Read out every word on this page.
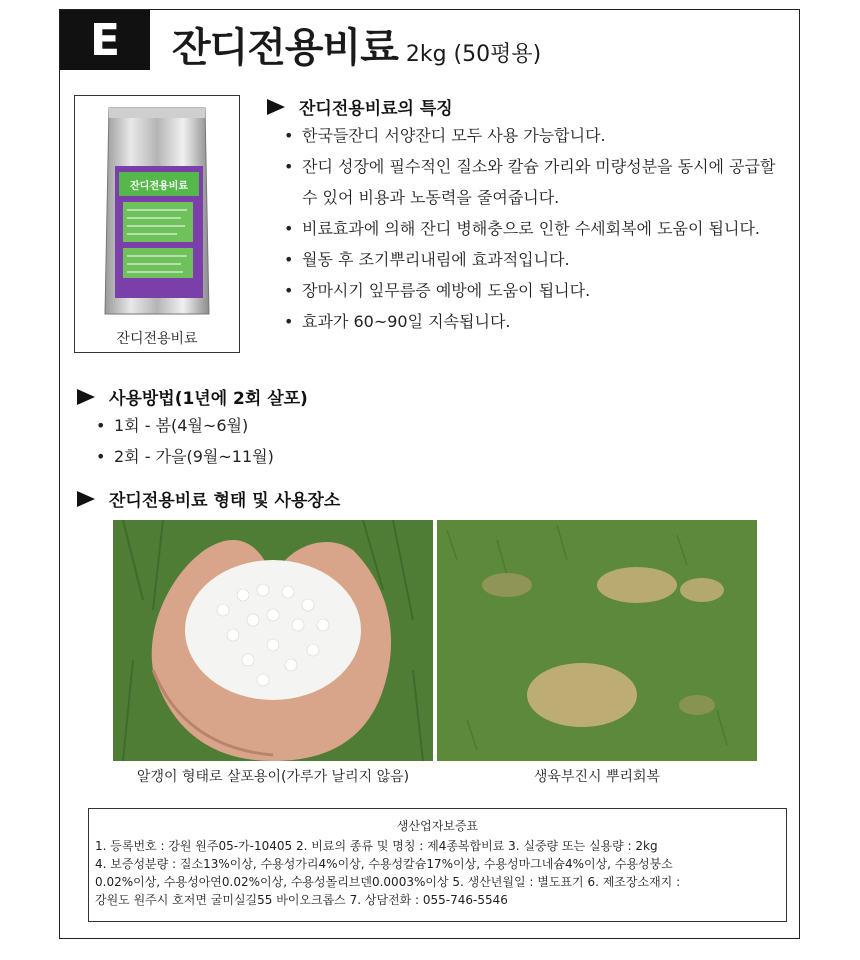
E	잔디전용비료 2kg (50평용)
잔디전용비료
잔디전용비료
잔디전용비료의 특징
• 한국들잔디 서양잔디 모두 사용 가능합니다.
• 잔디 성장에 필수적인 질소와 칼슘 가리와 미량성분을 동시에 공급할 수 있어 비용과 노동력을 줄여줍니다.
• 비료효과에 의해 잔디 병해충으로 인한 수세회복에 도움이 됩니다.
• 월동 후 조기뿌리내림에 효과적입니다.
• 장마시기 잎무름증 예방에 도움이 됩니다.
• 효과가 60~90일 지속됩니다.
사용방법(1년에 2회 살포)
• 1회 - 봄(4월~6월)
• 2회 - 가을(9월~11월)
잔디전용비료 형태 및 사용장소
알갱이 형태로 살포용이(가루가 날리지 않음)	생육부진시 뿌리회복
생산업자보증표
1. 등록번호 : 강원 원주05-가-10405 2. 비료의 종류 및 명칭 : 제4종복합비료 3. 실중량 또는 실용량 : 2kg
4. 보증성분량 : 질소13%이상, 수용성가리4%이상, 수용성칼슘17%이상, 수용성마그네슘4%이상, 수용성붕소
0.02%이상, 수용성아연0.02%이상, 수용성몰리브덴0.0003%이상 5. 생산년월일 : 별도표기 6. 제조장소재지 :
강원도 원주시 호저면 굴미실길55 바이오크롭스 7. 상담전화 : 055-746-5546
